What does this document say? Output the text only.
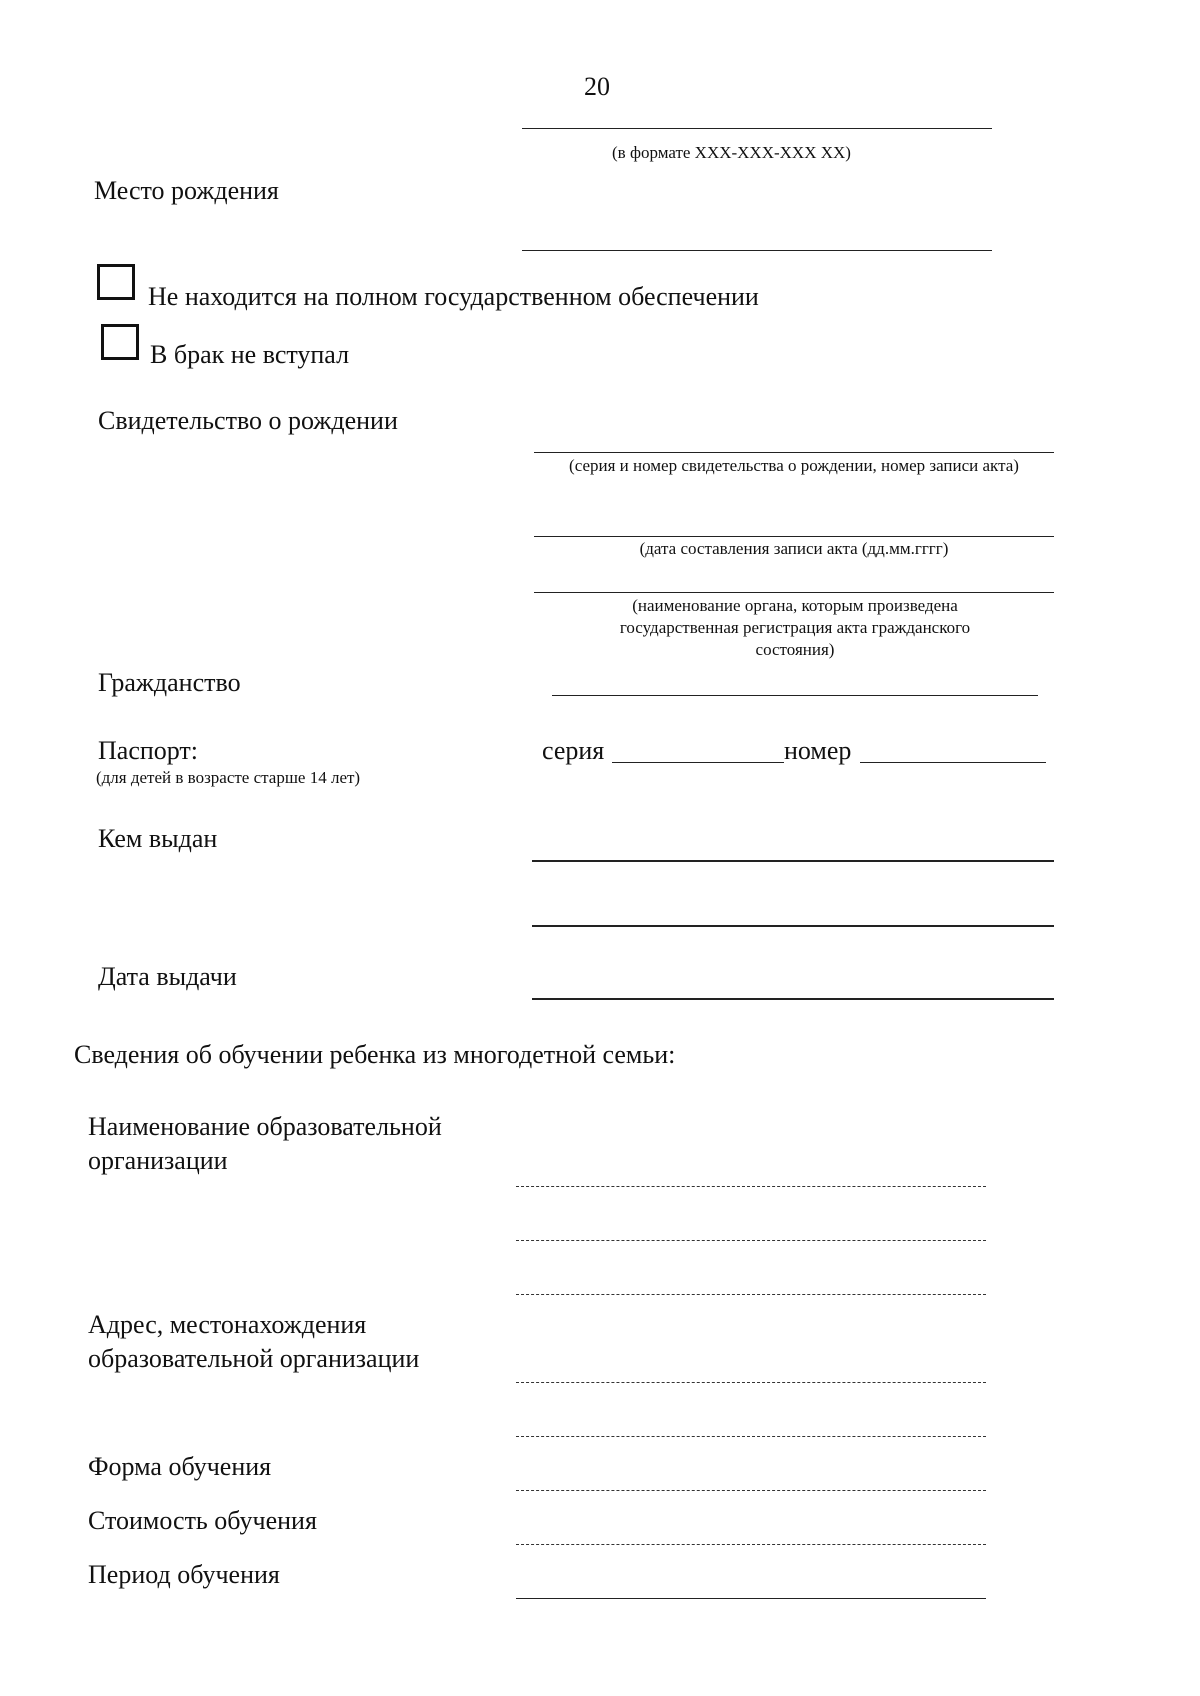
20
(в формате XXX-XXX-XXX XX)
Место рождения
Не находится на полном государственном обеспечении
В брак не вступал
Свидетельство о рождении
(серия и номер свидетельства о рождении, номер записи акта)
(дата составления записи акта (дд.мм.гггг)
(наименование органа, которым произведена государственная регистрация акта гражданского состояния)
Гражданство
Паспорт:
(для детей в возрасте старше 14 лет)
серия	номер
Кем выдан
Дата выдачи
Сведения об обучении ребенка из многодетной семьи:
Наименование образовательной
организации
Адрес, местонахождения
образовательной организации
Форма обучения
Стоимость обучения
Период обучения
